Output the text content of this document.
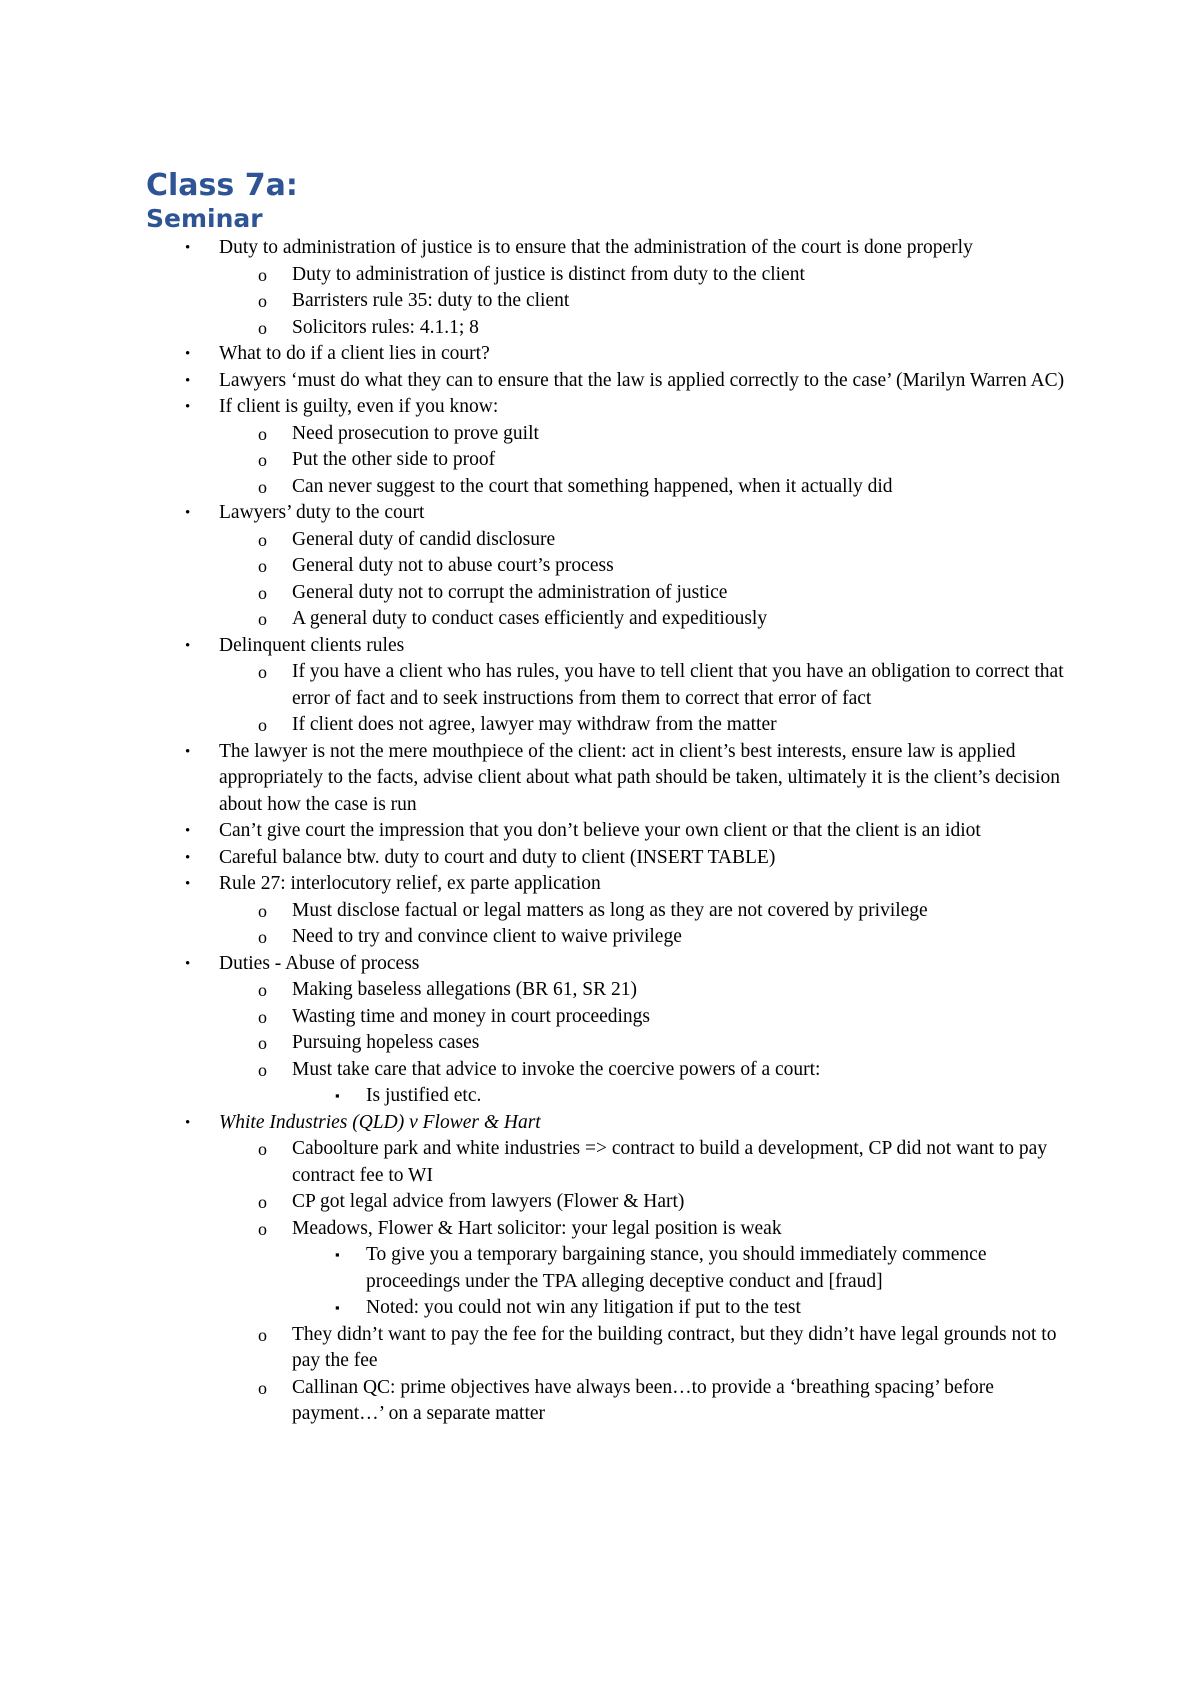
Class 7a:
Seminar
• Duty to administration of justice is to ensure that the administration of the court is done properly
o Duty to administration of justice is distinct from duty to the client
o Barristers rule 35: duty to the client
o Solicitors rules: 4.1.1; 8
• What to do if a client lies in court?
• Lawyers ‘must do what they can to ensure that the law is applied correctly to the case’ (Marilyn Warren AC)
• If client is guilty, even if you know:
o Need prosecution to prove guilt
o Put the other side to proof
o Can never suggest to the court that something happened, when it actually did
• Lawyers’ duty to the court
o General duty of candid disclosure
o General duty not to abuse court’s process
o General duty not to corrupt the administration of justice
o A general duty to conduct cases efficiently and expeditiously
• Delinquent clients rules
o If you have a client who has rules, you have to tell client that you have an obligation to correct that error of fact and to seek instructions from them to correct that error of fact
o If client does not agree, lawyer may withdraw from the matter
• The lawyer is not the mere mouthpiece of the client: act in client’s best interests, ensure law is applied appropriately to the facts, advise client about what path should be taken, ultimately it is the client’s decision about how the case is run
• Can’t give court the impression that you don’t believe your own client or that the client is an idiot
• Careful balance btw. duty to court and duty to client (INSERT TABLE)
• Rule 27: interlocutory relief, ex parte application
o Must disclose factual or legal matters as long as they are not covered by privilege
o Need to try and convince client to waive privilege
• Duties - Abuse of process
o Making baseless allegations (BR 61, SR 21)
o Wasting time and money in court proceedings
o Pursuing hopeless cases
o Must take care that advice to invoke the coercive powers of a court:
▪ Is justified etc.
• White Industries (QLD) v Flower & Hart
o Caboolture park and white industries => contract to build a development, CP did not want to pay contract fee to WI
o CP got legal advice from lawyers (Flower & Hart)
o Meadows, Flower & Hart solicitor: your legal position is weak
▪ To give you a temporary bargaining stance, you should immediately commence proceedings under the TPA alleging deceptive conduct and [fraud]
▪ Noted: you could not win any litigation if put to the test
o They didn’t want to pay the fee for the building contract, but they didn’t have legal grounds not to pay the fee
o Callinan QC: prime objectives have always been…to provide a ‘breathing spacing’ before payment…’ on a separate matter
